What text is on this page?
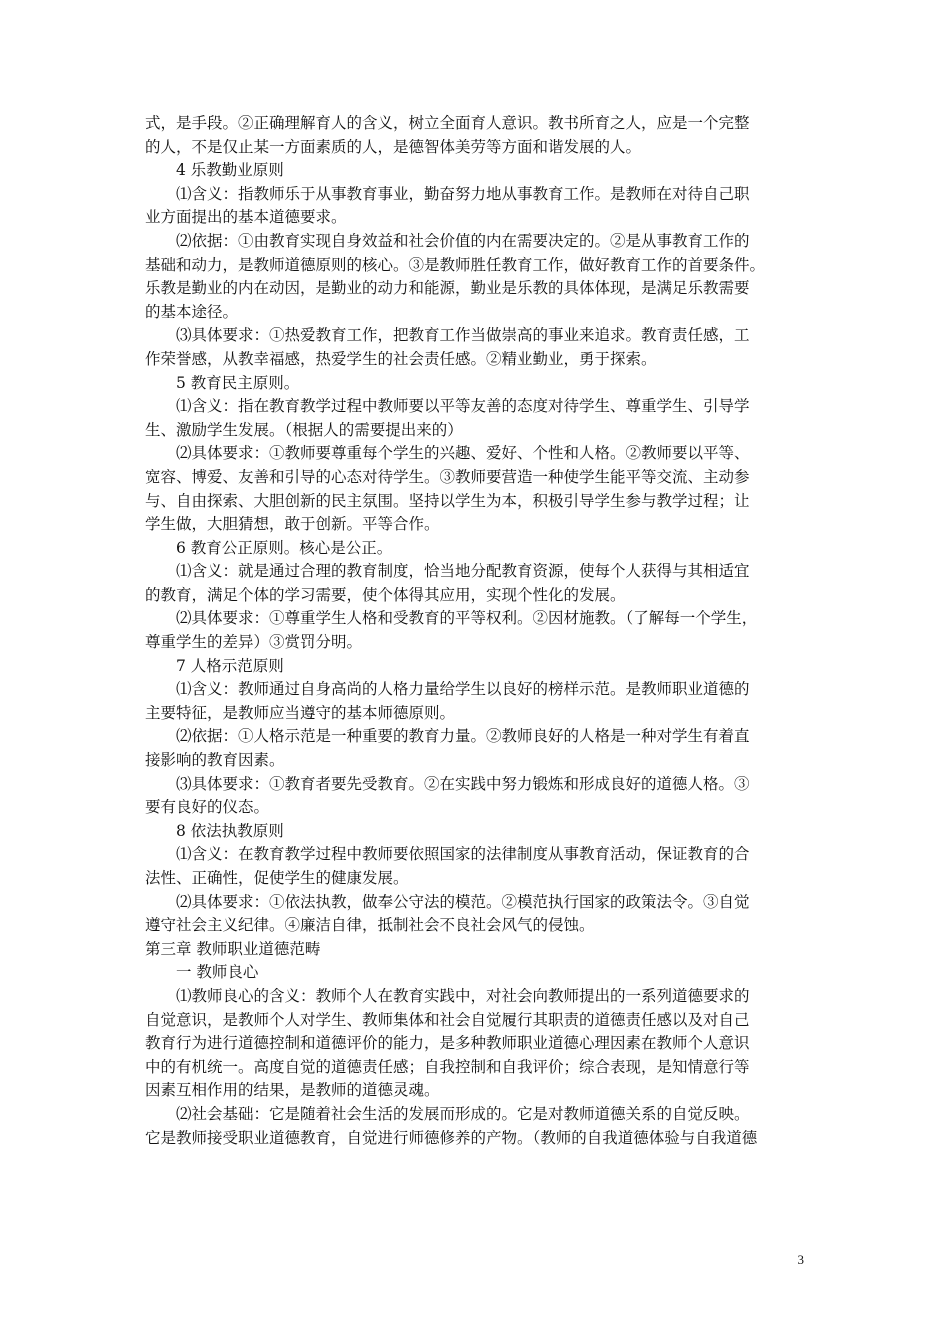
式，是手段。②正确理解育人的含义，树立全面育人意识。教书所育之人，应是一个完整
的人，不是仅止某一方面素质的人，是德智体美劳等方面和谐发展的人。
4 乐教勤业原则
⑴含义：指教师乐于从事教育事业，勤奋努力地从事教育工作。是教师在对待自己职
业方面提出的基本道德要求。
⑵依据：①由教育实现自身效益和社会价值的内在需要决定的。②是从事教育工作的
基础和动力，是教师道德原则的核心。③是教师胜任教育工作，做好教育工作的首要条件。
乐教是勤业的内在动因，是勤业的动力和能源，勤业是乐教的具体体现，是满足乐教需要
的基本途径。
⑶具体要求：①热爱教育工作，把教育工作当做崇高的事业来追求。教育责任感，工
作荣誉感，从教幸福感，热爱学生的社会责任感。②精业勤业，勇于探索。
5 教育民主原则。
⑴含义：指在教育教学过程中教师要以平等友善的态度对待学生、尊重学生、引导学
生、激励学生发展。（根据人的需要提出来的）
⑵具体要求：①教师要尊重每个学生的兴趣、爱好、个性和人格。②教师要以平等、
宽容、博爱、友善和引导的心态对待学生。③教师要营造一种使学生能平等交流、主动参
与、自由探索、大胆创新的民主氛围。坚持以学生为本，积极引导学生参与教学过程；让
学生做，大胆猜想，敢于创新。平等合作。
6 教育公正原则。核心是公正。
⑴含义：就是通过合理的教育制度，恰当地分配教育资源，使每个人获得与其相适宜
的教育，满足个体的学习需要，使个体得其应用，实现个性化的发展。
⑵具体要求：①尊重学生人格和受教育的平等权利。②因材施教。（了解每一个学生，
尊重学生的差异）③赏罚分明。
7 人格示范原则
⑴含义：教师通过自身高尚的人格力量给学生以良好的榜样示范。是教师职业道德的
主要特征，是教师应当遵守的基本师德原则。
⑵依据：①人格示范是一种重要的教育力量。②教师良好的人格是一种对学生有着直
接影响的教育因素。
⑶具体要求：①教育者要先受教育。②在实践中努力锻炼和形成良好的道德人格。③
要有良好的仪态。
8 依法执教原则
⑴含义：在教育教学过程中教师要依照国家的法律制度从事教育活动，保证教育的合
法性、正确性，促使学生的健康发展。
⑵具体要求：①依法执教，做奉公守法的模范。②模范执行国家的政策法令。③自觉
遵守社会主义纪律。④廉洁自律，抵制社会不良社会风气的侵蚀。
第三章 教师职业道德范畴
一 教师良心
⑴教师良心的含义：教师个人在教育实践中，对社会向教师提出的一系列道德要求的
自觉意识，是教师个人对学生、教师集体和社会自觉履行其职责的道德责任感以及对自己
教育行为进行道德控制和道德评价的能力，是多种教师职业道德心理因素在教师个人意识
中的有机统一。高度自觉的道德责任感；自我控制和自我评价；综合表现，是知情意行等
因素互相作用的结果，是教师的道德灵魂。
⑵社会基础：它是随着社会生活的发展而形成的。它是对教师道德关系的自觉反映。
它是教师接受职业道德教育，自觉进行师德修养的产物。（教师的自我道德体验与自我道德
3
